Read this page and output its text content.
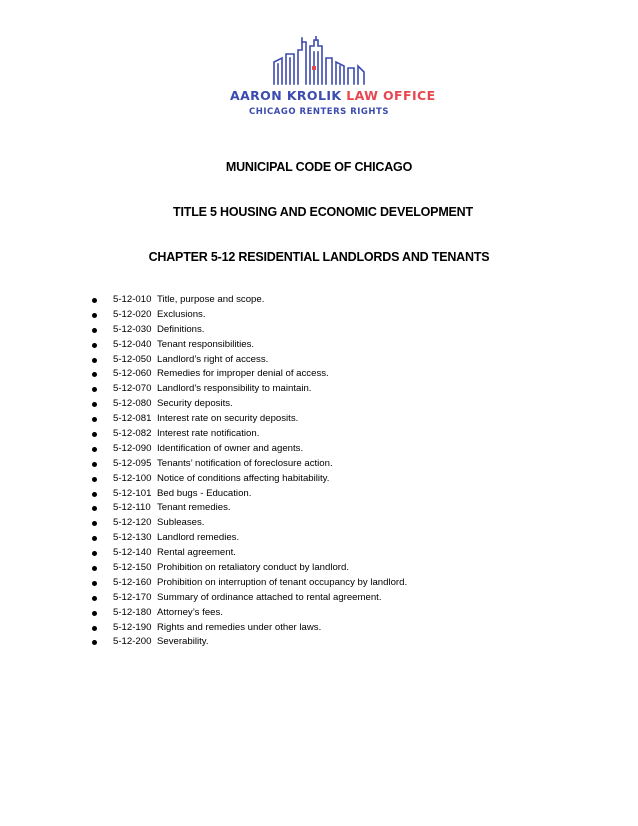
AARON KROLIK LAW OFFICE
CHICAGO RENTERS RIGHTS
MUNICIPAL CODE OF CHICAGO
TITLE 5 HOUSING AND ECONOMIC DEVELOPMENT
CHAPTER 5-12 RESIDENTIAL LANDLORDS AND TENANTS
5-12-010 Title, purpose and scope.
5-12-020 Exclusions.
5-12-030 Definitions.
5-12-040 Tenant responsibilities.
5-12-050 Landlord’s right of access.
5-12-060 Remedies for improper denial of access.
5-12-070 Landlord’s responsibility to maintain.
5-12-080 Security deposits.
5-12-081 Interest rate on security deposits.
5-12-082 Interest rate notification.
5-12-090 Identification of owner and agents.
5-12-095 Tenants’ notification of foreclosure action.
5-12-100 Notice of conditions affecting habitability.
5-12-101 Bed bugs - Education.
5-12-110 Tenant remedies.
5-12-120 Subleases.
5-12-130 Landlord remedies.
5-12-140 Rental agreement.
5-12-150 Prohibition on retaliatory conduct by landlord.
5-12-160 Prohibition on interruption of tenant occupancy by landlord.
5-12-170 Summary of ordinance attached to rental agreement.
5-12-180 Attorney’s fees.
5-12-190 Rights and remedies under other laws.
5-12-200 Severability.
